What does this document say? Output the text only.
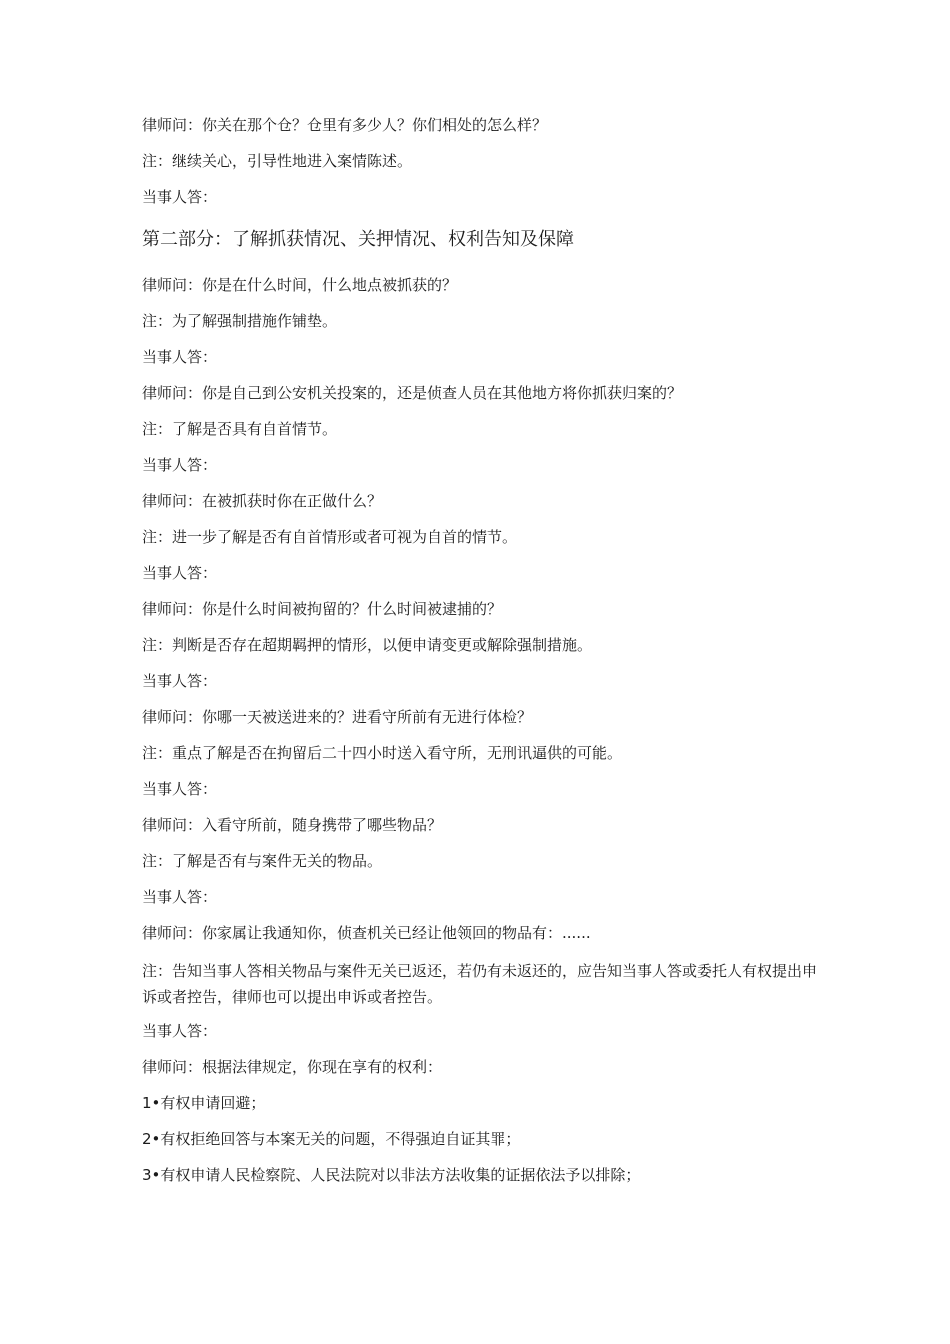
律师问：你关在那个仓？仓里有多少人？你们相处的怎么样？

注：继续关心，引导性地进入案情陈述。

当事人答：

第二部分：了解抓获情况、关押情况、权利告知及保障

律师问：你是在什么时间，什么地点被抓获的？

注：为了解强制措施作铺垫。

当事人答：

律师问：你是自己到公安机关投案的，还是侦查人员在其他地方将你抓获归案的？

注：了解是否具有自首情节。

当事人答：

律师问：在被抓获时你在正做什么？

注：进一步了解是否有自首情形或者可视为自首的情节。

当事人答：

律师问：你是什么时间被拘留的？什么时间被逮捕的？

注：判断是否存在超期羁押的情形，以便申请变更或解除强制措施。

当事人答：

律师问：你哪一天被送进来的？进看守所前有无进行体检？

注：重点了解是否在拘留后二十四小时送入看守所，无刑讯逼供的可能。

当事人答：

律师问：入看守所前，随身携带了哪些物品？

注：了解是否有与案件无关的物品。

当事人答：

律师问：你家属让我通知你，侦查机关已经让他领回的物品有：......

注：告知当事人答相关物品与案件无关已返还，若仍有未返还的，应告知当事人答或委托人有权提出申诉或者控告，律师也可以提出申诉或者控告。

当事人答：

律师问：根据法律规定，你现在享有的权利：

1•有权申请回避；

2•有权拒绝回答与本案无关的问题，不得强迫自证其罪；

3•有权申请人民检察院、人民法院对以非法方法收集的证据依法予以排除；
